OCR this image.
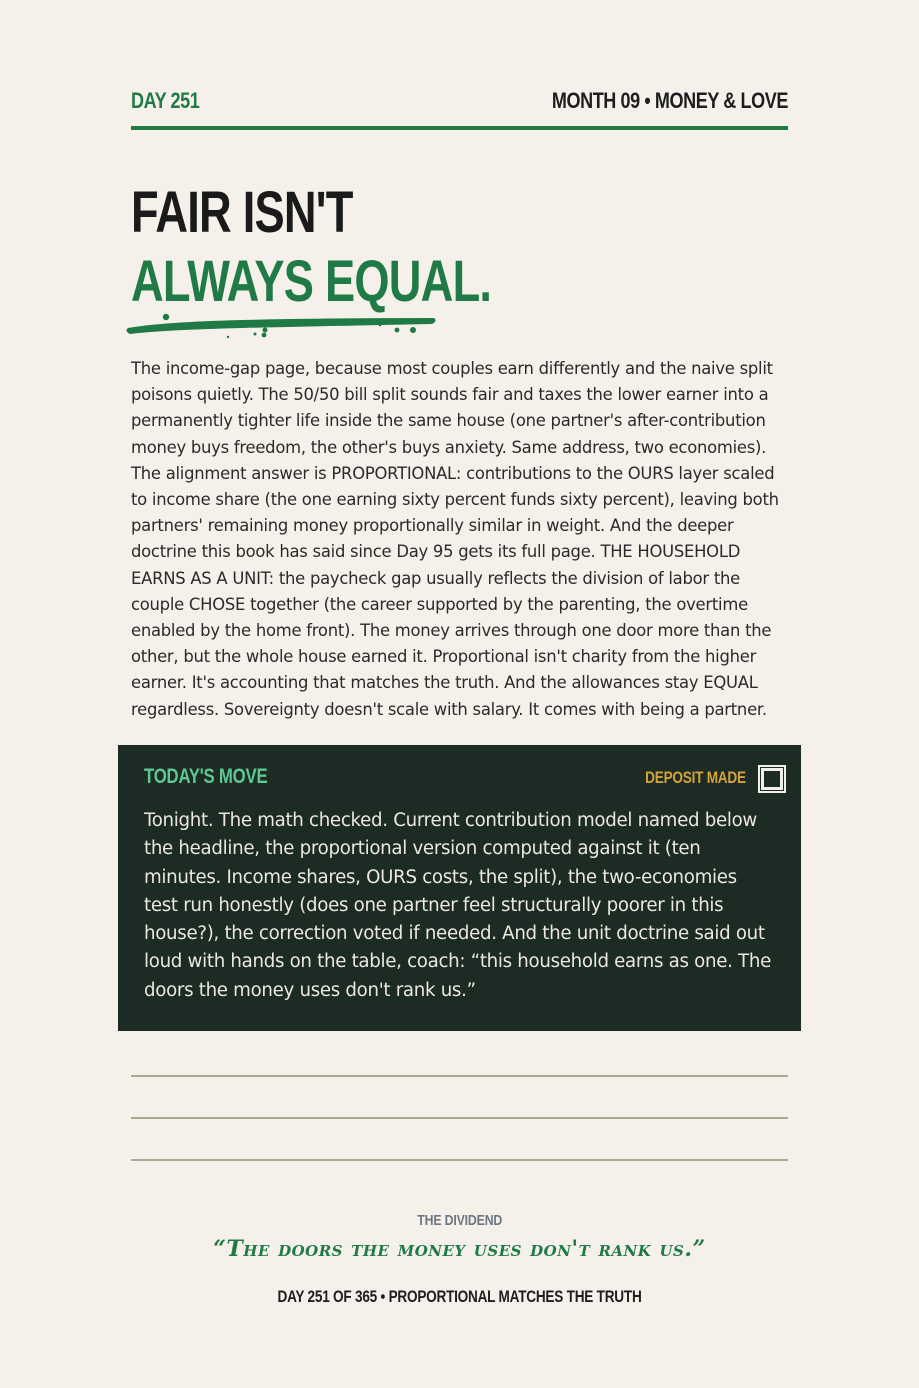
DAY 251	MONTH 09 • MONEY & LOVE
FAIR ISN'T
ALWAYS EQUAL.
The income-gap page, because most couples earn differently and the naive split
poisons quietly. The 50/50 bill split sounds fair and taxes the lower earner into a
permanently tighter life inside the same house (one partner's after-contribution
money buys freedom, the other's buys anxiety. Same address, two economies).
The alignment answer is PROPORTIONAL: contributions to the OURS layer scaled
to income share (the one earning sixty percent funds sixty percent), leaving both
partners' remaining money proportionally similar in weight. And the deeper
doctrine this book has said since Day 95 gets its full page. THE HOUSEHOLD
EARNS AS A UNIT: the paycheck gap usually reflects the division of labor the
couple CHOSE together (the career supported by the parenting, the overtime
enabled by the home front). The money arrives through one door more than the
other, but the whole house earned it. Proportional isn't charity from the higher
earner. It's accounting that matches the truth. And the allowances stay EQUAL
regardless. Sovereignty doesn't scale with salary. It comes with being a partner.
TODAY'S MOVE	DEPOSIT MADE
Tonight. The math checked. Current contribution model named below
the headline, the proportional version computed against it (ten
minutes. Income shares, OURS costs, the split), the two-economies
test run honestly (does one partner feel structurally poorer in this
house?), the correction voted if needed. And the unit doctrine said out
loud with hands on the table, coach: “this household earns as one. The
doors the money uses don't rank us.”
THE DIVIDEND
“The doors the money uses don't rank us.”
DAY 251 OF 365 • PROPORTIONAL MATCHES THE TRUTH
